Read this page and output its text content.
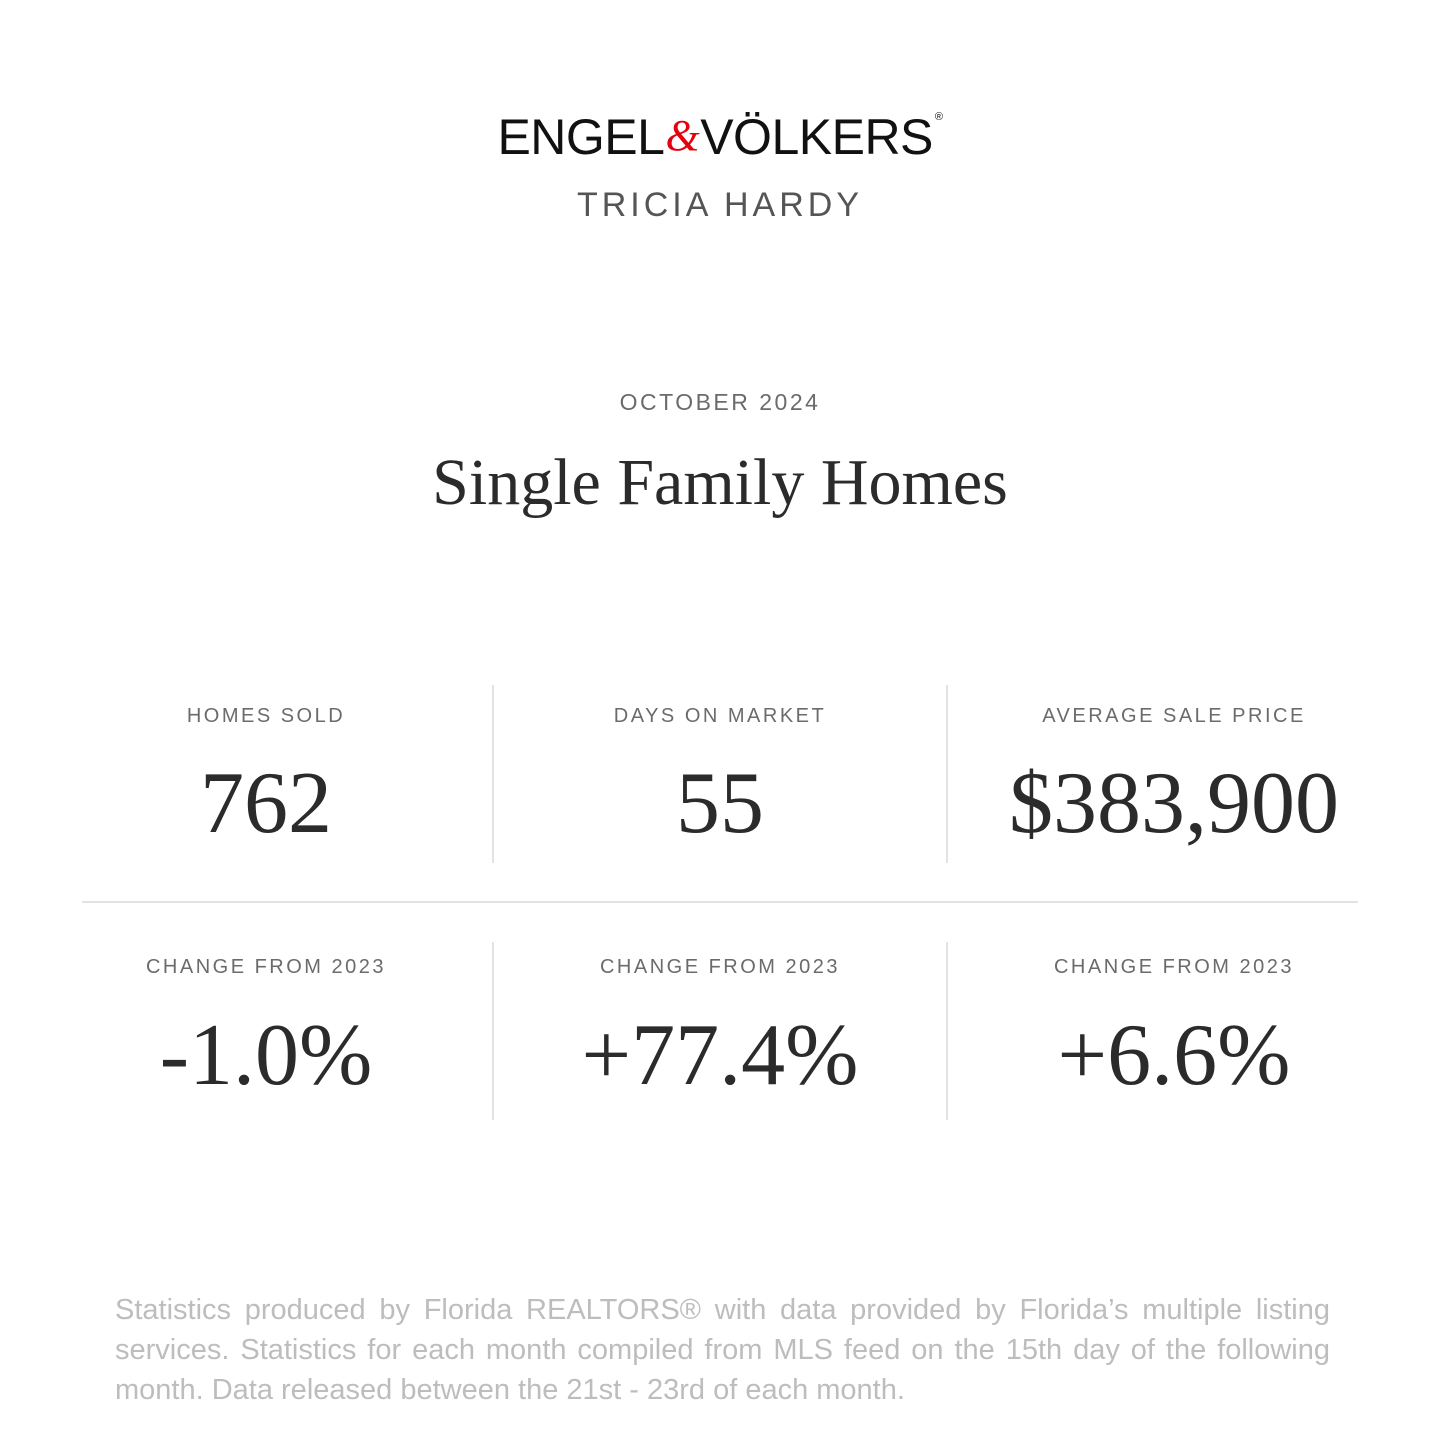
ENGEL&VÖLKERS ®
TRICIA HARDY
OCTOBER 2024
Single Family Homes
HOMES SOLD
762
DAYS ON MARKET
55
AVERAGE SALE PRICE
$383,900
CHANGE FROM 2023
-1.0%
CHANGE FROM 2023
+77.4%
CHANGE FROM 2023
+6.6%
Statistics produced by Florida REALTORS® with data provided by Florida’s multiple listing services. Statistics for each month compiled from MLS feed on the 15th day of the following month. Data released between the 21st - 23rd of each month.
